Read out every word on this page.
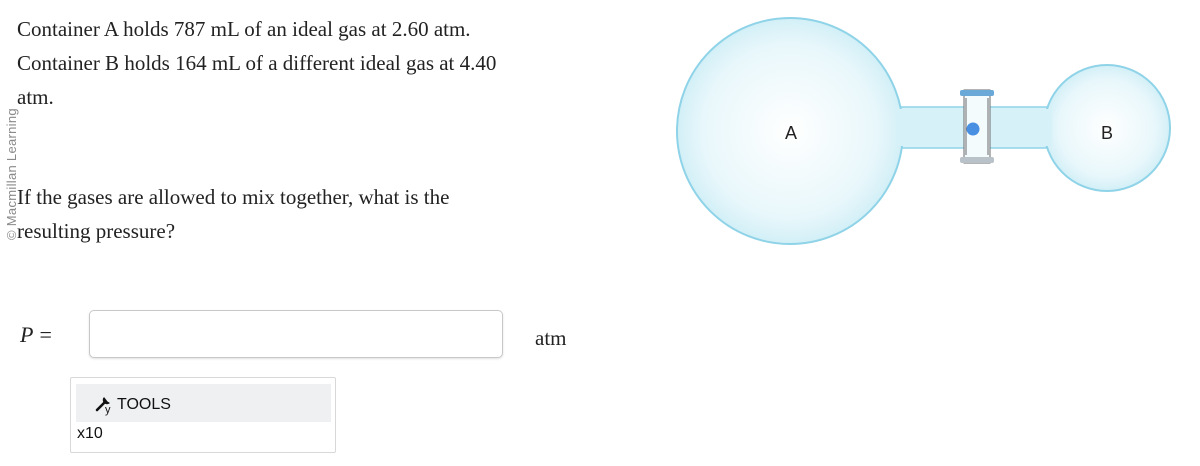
© Macmillan Learning

Container A holds 787 mL of an ideal gas at 2.60 atm.

Container B holds 164 mL of a different ideal gas at 4.40 atm.

If the gases are allowed to mix together, what is the resulting pressure?

P =	atm
y TOOLS
x10
A	B
